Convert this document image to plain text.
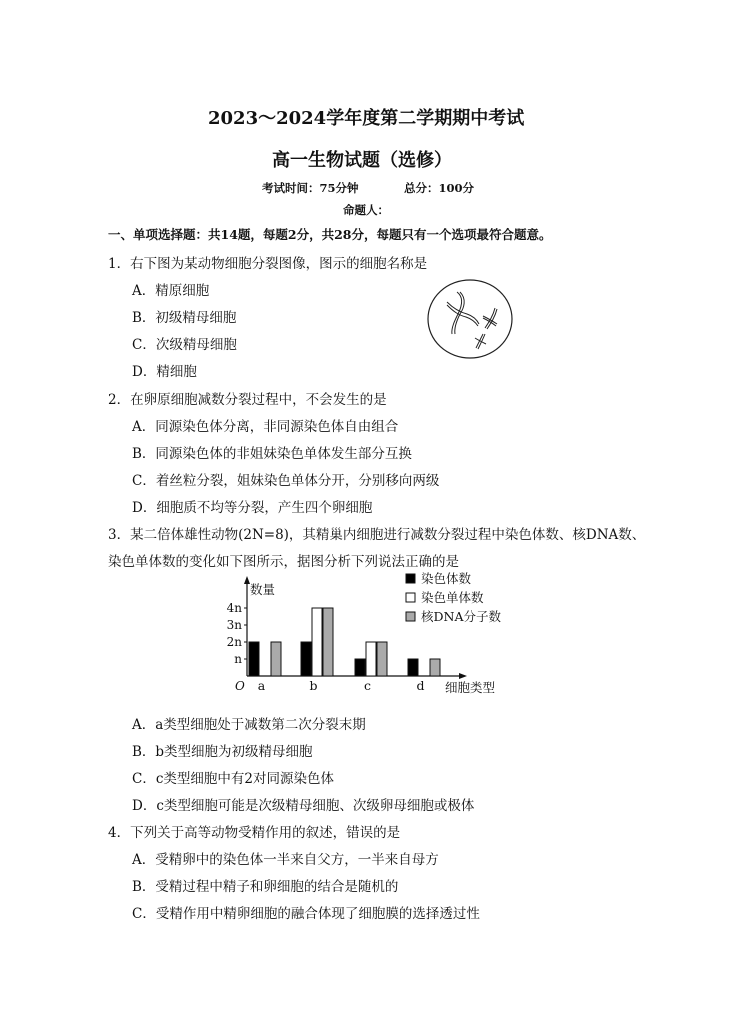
2023～2024学年度第二学期期中考试
高一生物试题（选修）
考试时间：75分钟	总分：100分
命题人：
一、单项选择题：共14题，每题2分，共28分，每题只有一个选项最符合题意。
1．右下图为某动物细胞分裂图像，图示的细胞名称是
A．精原细胞
B．初级精母细胞
C．次级精母细胞
D．精细胞
2．在卵原细胞减数分裂过程中，不会发生的是
A．同源染色体分离，非同源染色体自由组合
B．同源染色体的非姐妹染色单体发生部分互换
C．着丝粒分裂，姐妹染色单体分开，分别移向两级
D．细胞质不均等分裂，产生四个卵细胞
3．某二倍体雄性动物(2N=8)，其精巢内细胞进行减数分裂过程中染色体数、核DNA数、
染色单体数的变化如下图所示，据图分析下列说法正确的是
n
2n
3n
4n
数量
细胞类型
O a	b	c	d
染色体数
染色单体数
核DNA分子数
A．a类型细胞处于减数第二次分裂末期
B．b类型细胞为初级精母细胞
C．c类型细胞中有2对同源染色体
D．c类型细胞可能是次级精母细胞、次级卵母细胞或极体
4．下列关于高等动物受精作用的叙述，错误的是
A．受精卵中的染色体一半来自父方，一半来自母方
B．受精过程中精子和卵细胞的结合是随机的
C．受精作用中精卵细胞的融合体现了细胞膜的选择透过性
